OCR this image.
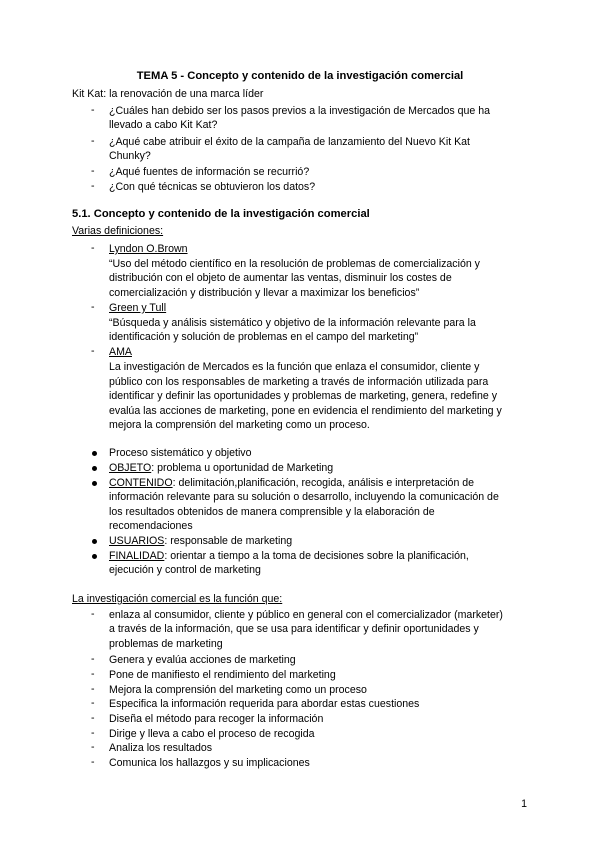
TEMA 5 - Concepto y contenido de la investigación comercial
Kit Kat: la renovación de una marca líder
- ¿Cuáles han debido ser los pasos previos a la investigación de Mercados que ha
llevado a cabo Kit Kat?
- ¿Aqué cabe atribuir el éxito de la campaña de lanzamiento del Nuevo Kit Kat
Chunky?
- ¿Aqué fuentes de información se recurrió?
- ¿Con qué técnicas se obtuvieron los datos?
5.1. Concepto y contenido de la investigación comercial
Varias definiciones:
- Lyndon O.Brown
“Uso del método científico en la resolución de problemas de comercialización y
distribución con el objeto de aumentar las ventas, disminuir los costes de
comercialización y distribución y llevar a maximizar los beneficios”
- Green y Tull
“Búsqueda y análisis sistemático y objetivo de la información relevante para la
identificación y solución de problemas en el campo del marketing”
- AMA
La investigación de Mercados es la función que enlaza el consumidor, cliente y
público con los responsables de marketing a través de información utilizada para
identificar y definir las oportunidades y problemas de marketing, genera, redefine y
evalúa las acciones de marketing, pone en evidencia el rendimiento del marketing y
mejora la comprensión del marketing como un proceso.
Proceso sistemático y objetivo
OBJETO: problema u oportunidad de Marketing
CONTENIDO: delimitación,planificación, recogida, análisis e interpretación de
información relevante para su solución o desarrollo, incluyendo la comunicación de
los resultados obtenidos de manera comprensible y la elaboración de
recomendaciones
USUARIOS: responsable de marketing
FINALIDAD: orientar a tiempo a la toma de decisiones sobre la planificación,
ejecución y control de marketing
La investigación comercial es la función que:
- enlaza al consumidor, cliente y público en general con el comercializador (marketer)
a través de la información, que se usa para identificar y definir oportunidades y
problemas de marketing
- Genera y evalúa acciones de marketing
- Pone de manifiesto el rendimiento del marketing
- Mejora la comprensión del marketing como un proceso
- Especifica la información requerida para abordar estas cuestiones
- Diseña el método para recoger la información
- Dirige y lleva a cabo el proceso de recogida
- Analiza los resultados
- Comunica los hallazgos y su implicaciones
1
